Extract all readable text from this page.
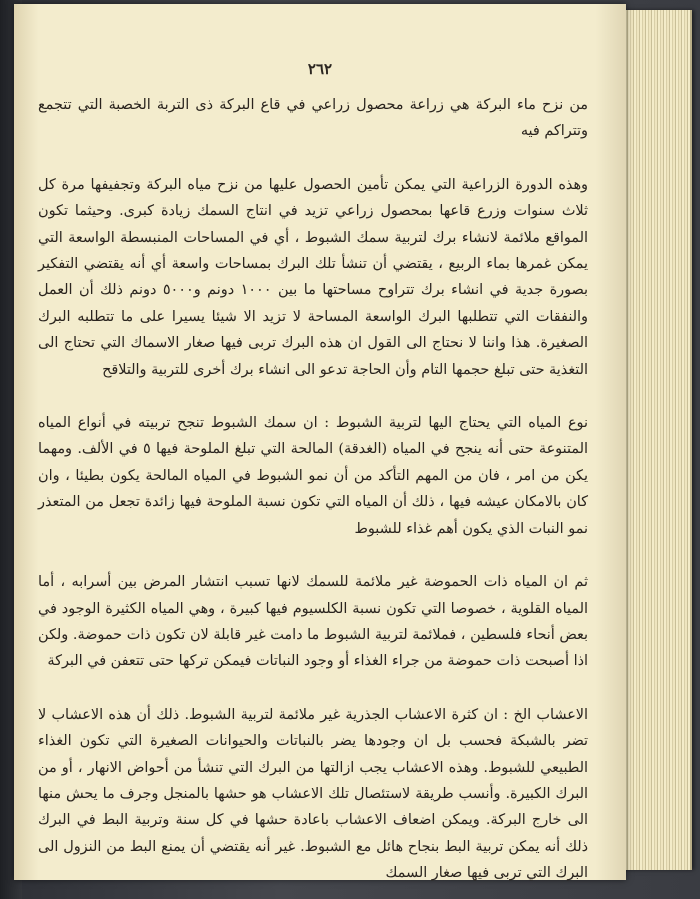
٢٦٢

من نزح ماء البركة هي زراعة محصول زراعي في قاع البركة ذى التربة الخصبة التي تتجمع وتتراكم فيه

وهذه الدورة الزراعية التي يمكن تأمين الحصول عليها من نزح مياه البركة وتجفيفها مرة كل ثلاث سنوات وزرع قاعها بمحصول زراعي تزيد في انتاج السمك زيادة كبرى. وحيثما تكون المواقع ملائمة لانشاء برك لتربية سمك الشبوط ، أي في المساحات المنبسطة الواسعة التي يمكن غمرها بماء الربيع ، يقتضي أن تنشأ تلك البرك بمساحات واسعة أي أنه يقتضي التفكير بصورة جدية في انشاء برك تتراوح مساحتها ما بين ١٠٠٠ دونم و٥٠٠٠ دونم ذلك أن العمل والنفقات التي تتطلبها البرك الواسعة المساحة لا تزيد الا شيئا يسيرا على ما تتطلبه البرك الصغيرة. هذا واننا لا نحتاج الى القول ان هذه البرك تربى فيها صغار الاسماك التي تحتاج الى التغذية حتى تبلغ حجمها التام وأن الحاجة تدعو الى انشاء برك أخرى للتربية والتلاقح

نوع المياه التي يحتاج اليها لتربية الشبوط : ان سمك الشبوط تنجح تربيته في أنواع المياه المتنوعة حتى أنه ينجح في المياه (الغدقة) المالحة التي تبلغ الملوحة فيها ٥ في الألف. ومهما يكن من امر ، فان من المهم التأكد من أن نمو الشبوط في المياه المالحة يكون بطيئا ، وان كان بالامكان عيشه فيها ، ذلك أن المياه التي تكون نسبة الملوحة فيها زائدة تجعل من المتعذر نمو النبات الذي يكون أهم غذاء للشبوط

ثم ان المياه ذات الحموضة غير ملائمة للسمك لانها تسبب انتشار المرض بين أسرابه ، أما المياه القلوية ، خصوصا التي تكون نسبة الكلسيوم فيها كبيرة ، وهي المياه الكثيرة الوجود في بعض أنحاء فلسطين ، فملائمة لتربية الشبوط ما دامت غير قابلة لان تكون ذات حموضة. ولكن اذا أصبحت ذات حموضة من جراء الغذاء أو وجود النباتات فيمكن تركها حتى تتعفن في البركة

الاعشاب الخ : ان كثرة الاعشاب الجذرية غير ملائمة لتربية الشبوط. ذلك أن هذه الاعشاب لا تضر بالشبكة فحسب بل ان وجودها يضر بالنباتات والحيوانات الصغيرة التي تكون الغذاء الطبيعي للشبوط. وهذه الاعشاب يجب ازالتها من البرك التي تنشأ من أحواض الانهار ، أو من البرك الكبيرة. وأنسب طريقة لاستئصال تلك الاعشاب هو حشها بالمنجل وجرف ما يحش منها الى خارج البركة. ويمكن اضعاف الاعشاب باعادة حشها في كل سنة وتربية البط في البرك ذلك أنه يمكن تربية البط بنجاح هائل مع الشبوط. غير أنه يقتضي أن يمنع البط من النزول الى البرك التي تربى فيها صغار السمك
